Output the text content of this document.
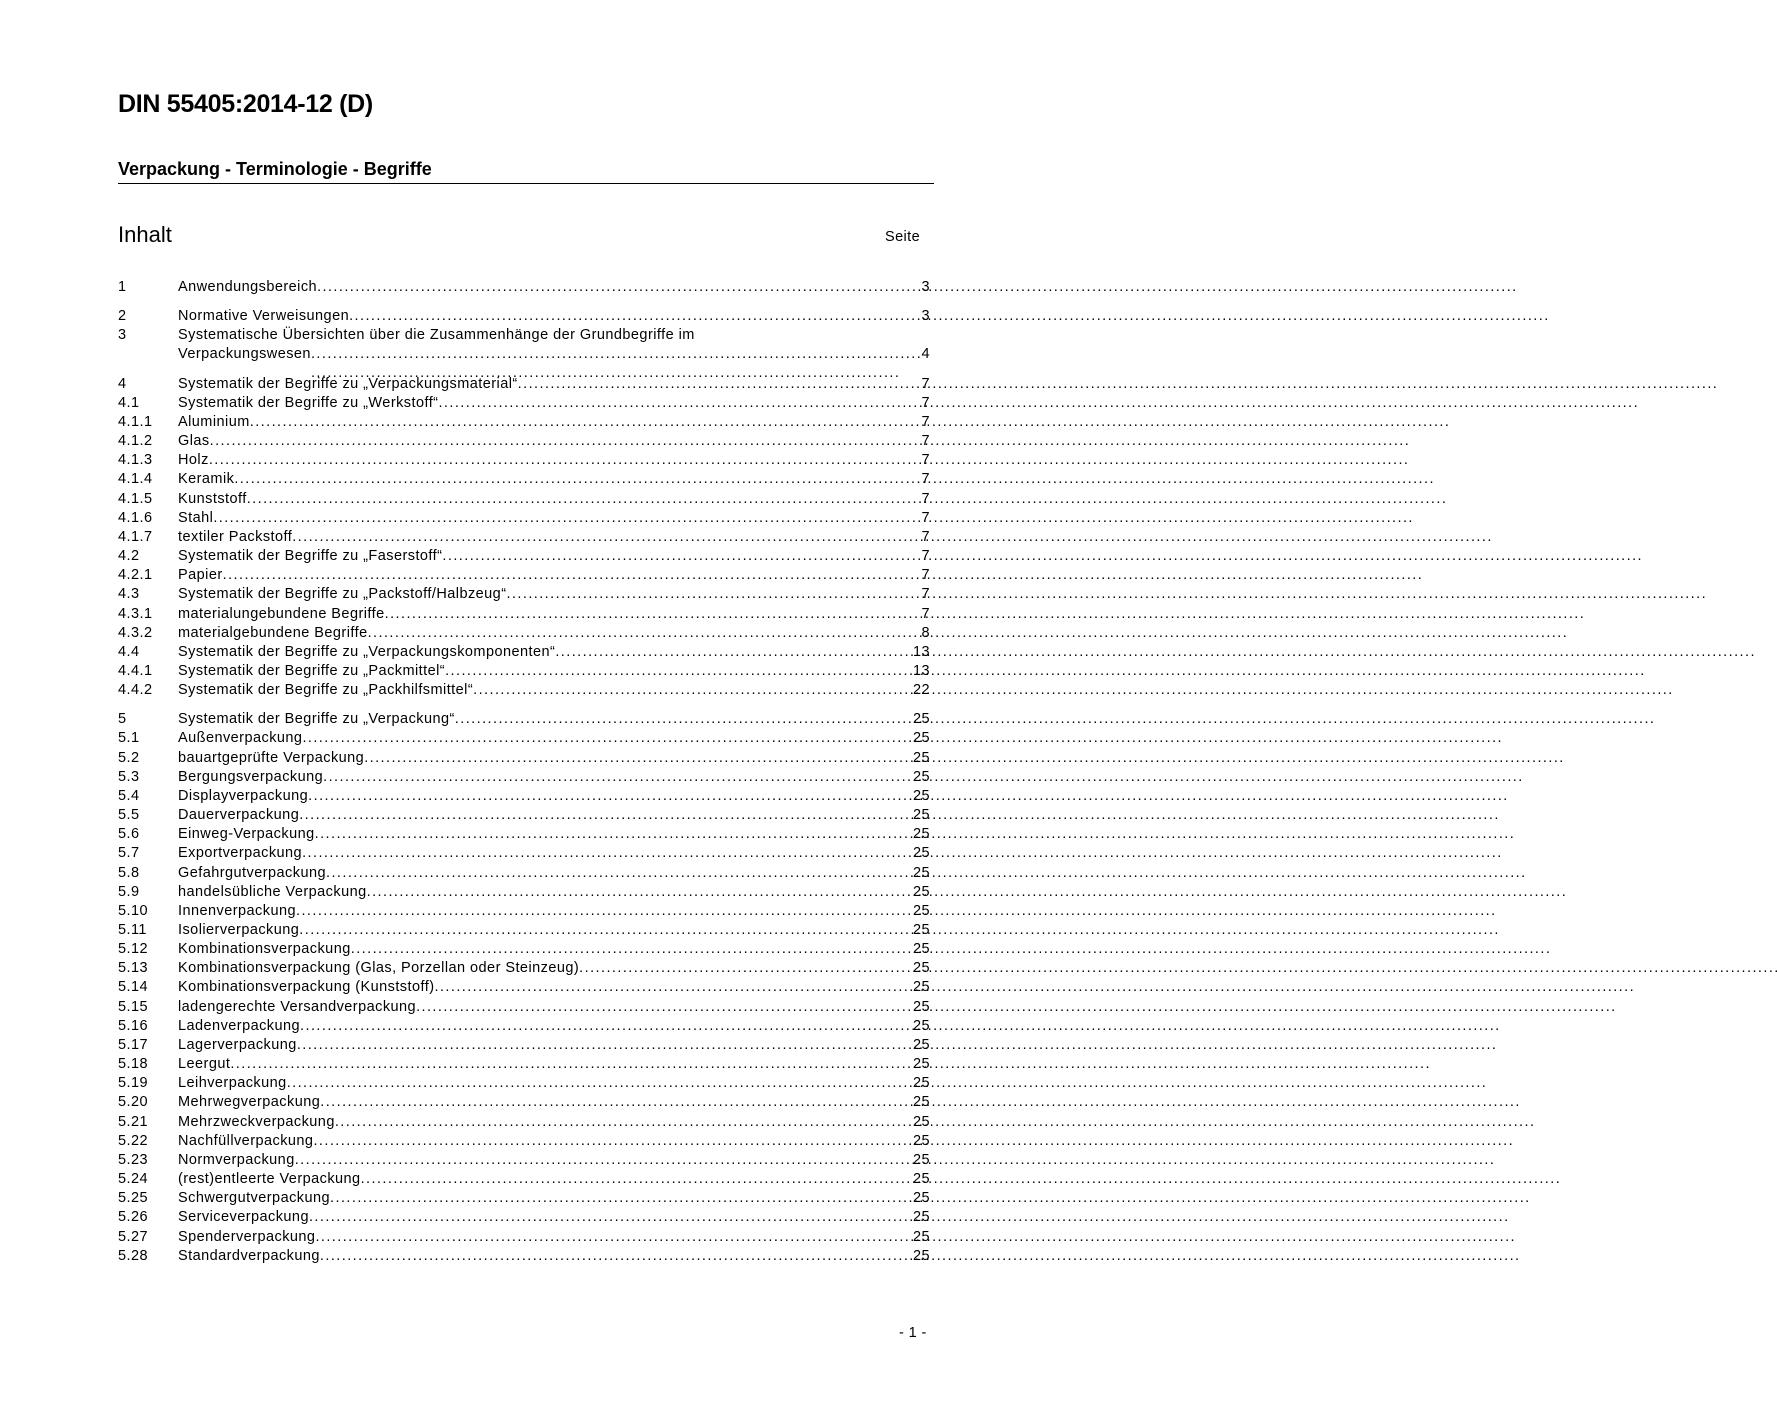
DIN 55405:2014-12 (D)
Verpackung - Terminologie - Begriffe
Inhalt	Seite
1	Anwendungsbereich . . .	3
2	Normative Verweisungen . . .	3
3	Systematische Übersichten über die Zusammenhänge der Grundbegriffe im
Verpackungswesen . . .	4
4	Systematik der Begriffe zu „Verpackungsmaterial“ . . .	7
4.1	Systematik der Begriffe zu „Werkstoff“ . . .	7
4.1.1	Aluminium . . .	7
4.1.2	Glas . . .	7
4.1.3	Holz . . .	7
4.1.4	Keramik . . .	7
4.1.5	Kunststoff . . .	7
4.1.6	Stahl . . .	7
4.1.7	textiler Packstoff . . .	7
4.2	Systematik der Begriffe zu „Faserstoff“ . . .	7
4.2.1	Papier . . .	7
4.3	Systematik der Begriffe zu „Packstoff/Halbzeug“ . . .	7
4.3.1	materialungebundene Begriffe . . .	7
4.3.2	materialgebundene Begriffe . . .	8
4.4	Systematik der Begriffe zu „Verpackungskomponenten“ . . .	13
4.4.1	Systematik der Begriffe zu „Packmittel“ . . .	13
4.4.2	Systematik der Begriffe zu „Packhilfsmittel“ . . .	22
5	Systematik der Begriffe zu „Verpackung“ . . .	25
5.1	Außenverpackung . . .	25
5.2	bauartgeprüfte Verpackung . . .	25
5.3	Bergungsverpackung . . .	25
5.4	Displayverpackung . . .	25
5.5	Dauerverpackung . . .	25
5.6	Einweg-Verpackung . . .	25
5.7	Exportverpackung . . .	25
5.8	Gefahrgutverpackung . . .	25
5.9	handelsübliche Verpackung . . .	25
5.10	Innenverpackung . . .	25
5.11	Isolierverpackung . . .	25
5.12	Kombinationsverpackung . . .	25
5.13	Kombinationsverpackung (Glas, Porzellan oder Steinzeug) . . .	25
5.14	Kombinationsverpackung (Kunststoff) . . .	25
5.15	ladengerechte Versandverpackung . . .	25
5.16	Ladenverpackung . . .	25
5.17	Lagerverpackung . . .	25
5.18	Leergut . . .	25
5.19	Leihverpackung . . .	25
5.20	Mehrwegverpackung . . .	25
5.21	Mehrzweckverpackung . . .	25
5.22	Nachfüllverpackung . . .	25
5.23	Normverpackung . . .	25
5.24	(rest)entleerte Verpackung . . .	25
5.25	Schwergutverpackung . . .	25
5.26	Serviceverpackung . . .	25
5.27	Spenderverpackung . . .	25
5.28	Standardverpackung . . .	25
- 1 -
